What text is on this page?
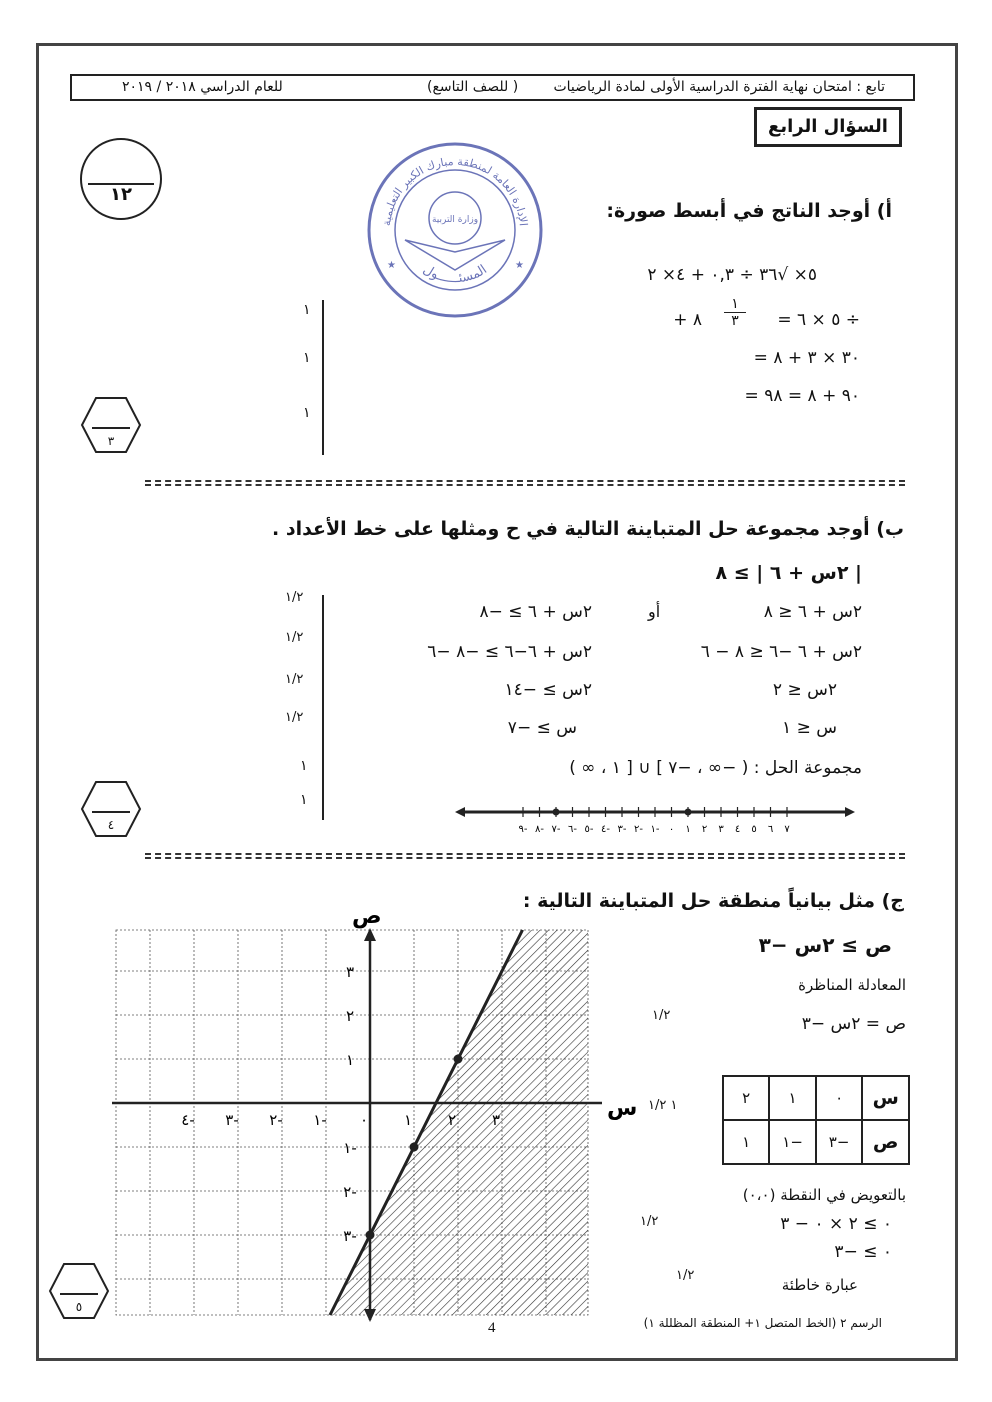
تابع : امتحان نهاية الفترة الدراسية الأولى لمادة الرياضيات
( للصف التاسع)
للعام الدراسي ٢٠١٨ / ٢٠١٩
السؤال الرابع
١٢
الإدارة العامة لمنطقة مبارك الكبير التعليمية
المسئــــــول
وزارة التربية
★	★
أ) أوجد الناتج في أبسط صورة:
٥× √٣٦ ÷ ٠,٣ + ٤× ٢
= ٥ × ٦ ÷
١
٣
+ ٨
= ٣٠ × ٣ + ٨
= ٩٠ + ٨ = ٩٨
١
١
١
٣
ب) أوجد مجموعة حل المتباينة التالية في ح ومثلها على خط الأعداد .
| ٢س + ٦ | ≥ ٨
أو	٢س + ٦ ≤ ٨
٢س + ٦ −٦ ≤ ٨ − ٦
٢س ≤ ٢
س ≤ ١
٢س + ٦ ≥ −٨
٢س + ٦−٦ ≥ −٨ −٦
٢س ≥ −١٤
س ≥ −٧
مجموعة الحل : ( −∞ ، −٧ ] ∪ [ ١ ، ∞ )
١/٢
١/٢
١/٢
١/٢
١
١
٤	٩- ٨- ٧- ٦- ٥- ٤- ٣- ٢- ١- ٠ ١ ٢ ٣ ٤ ٥ ٦ ٧
ج) مثل بيانياً منطقة حل المتباينة التالية :
ص ≥ ٢س −٣
المعادلة المناظرة
ص = ٢س −٣
س	٠	١	٢
ص	−٣	−١	١
بالتعويض في النقطة (٠،٠)
٠ ≥ ٢ × ٠ − ٣
٠ ≥ −٣
عبارة خاطئة
الرسم ٢ (الخط المتصل ١+ المنطقة المظللة ١)
١/٢
١ ١/٢
١/٢
١/٢
٥
٤- ٣- ٢- ١- ٠ ١ ٢ ٣
٣
٢
١
١-
٢-
٣-
س
ص
4
